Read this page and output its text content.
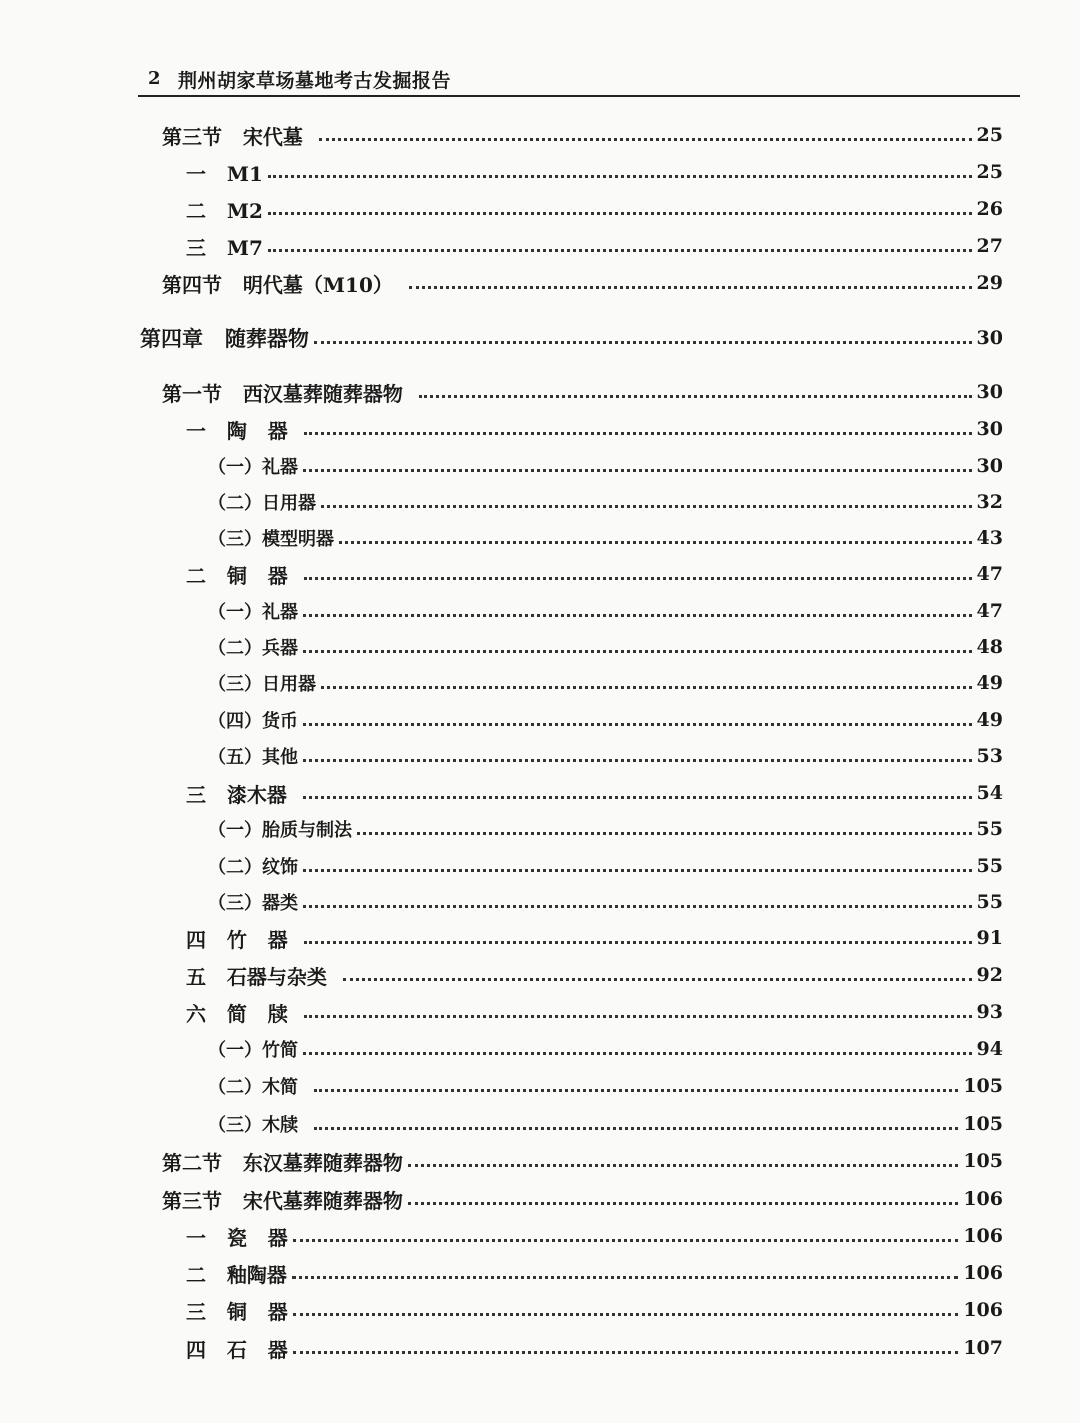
2 荆州胡家草场墓地考古发掘报告
第三节   宋代墓	25
一   M1	25
二   M2	26
三   M7	27
第四节   明代墓（M10）	29
第四章   随葬器物	30
第一节   西汉墓葬随葬器物	30
一   陶   器	30
（一）礼器	30
（二）日用器	32
（三）模型明器	43
二   铜   器	47
（一）礼器	47
（二）兵器	48
（三）日用器	49
（四）货币	49
（五）其他	53
三   漆木器	54
（一）胎质与制法	55
（二）纹饰	55
（三）器类	55
四   竹   器	91
五   石器与杂类	92
六   简   牍	93
（一）竹简	94
（二）木简	105
（三）木牍	105
第二节   东汉墓葬随葬器物	105
第三节   宋代墓葬随葬器物	106
一   瓷   器	106
二   釉陶器	106
三   铜   器	106
四   石   器	107
